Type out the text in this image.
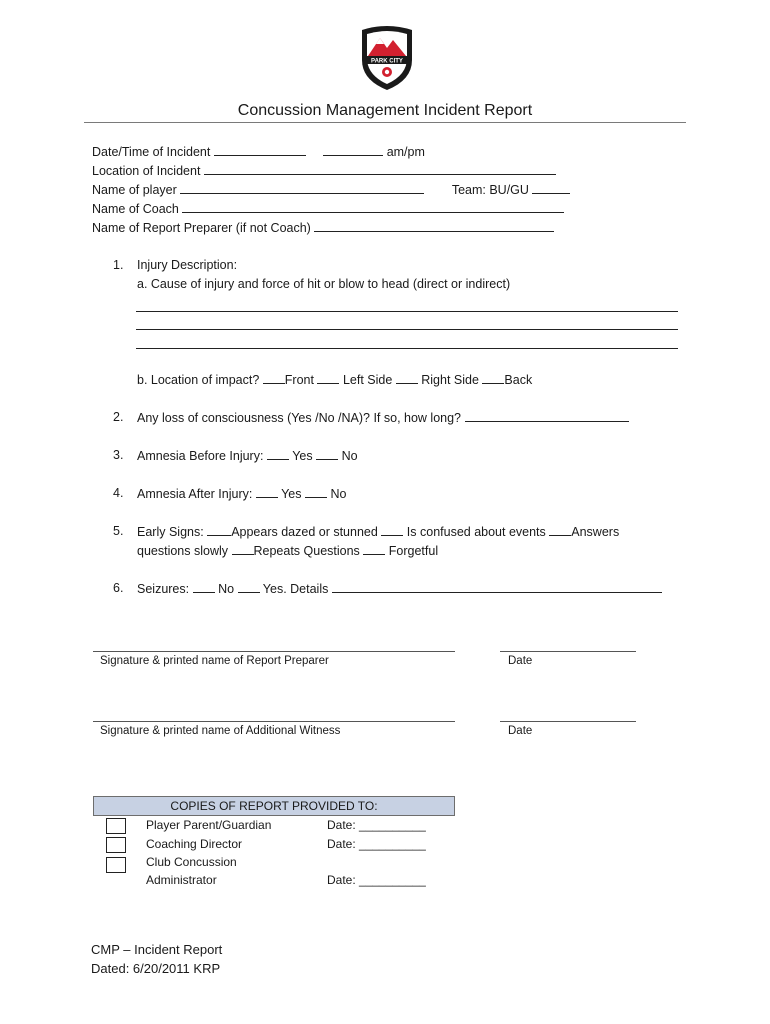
PARK CITY
Concussion Management Incident Report
Date/Time of Incident	am/pm
Location of Incident
Name of player	Team: BU/GU
Name of Coach
Name of Report Preparer (if not Coach)
1. Injury Description:
a. Cause of injury and force of hit or blow to head (direct or indirect)
b. Location of impact? Front Left Side Right Side Back
2. Any loss of consciousness (Yes /No /NA)? If so, how long?
3. Amnesia Before Injury: Yes No
4. Amnesia After Injury: Yes No
5. Early Signs: Appears dazed or stunned Is confused about events Answers
questions slowly Repeats Questions Forgetful
6. Seizures: No Yes. Details
Signature & printed name of Report Preparer	Date
Signature & printed name of Additional Witness	Date
COPIES OF REPORT PROVIDED TO:
Player Parent/Guardian	Date: __________
Coaching Director	Date: __________
Club Concussion
Administrator	Date: __________
CMP – Incident Report
Dated: 6/20/2011 KRP
